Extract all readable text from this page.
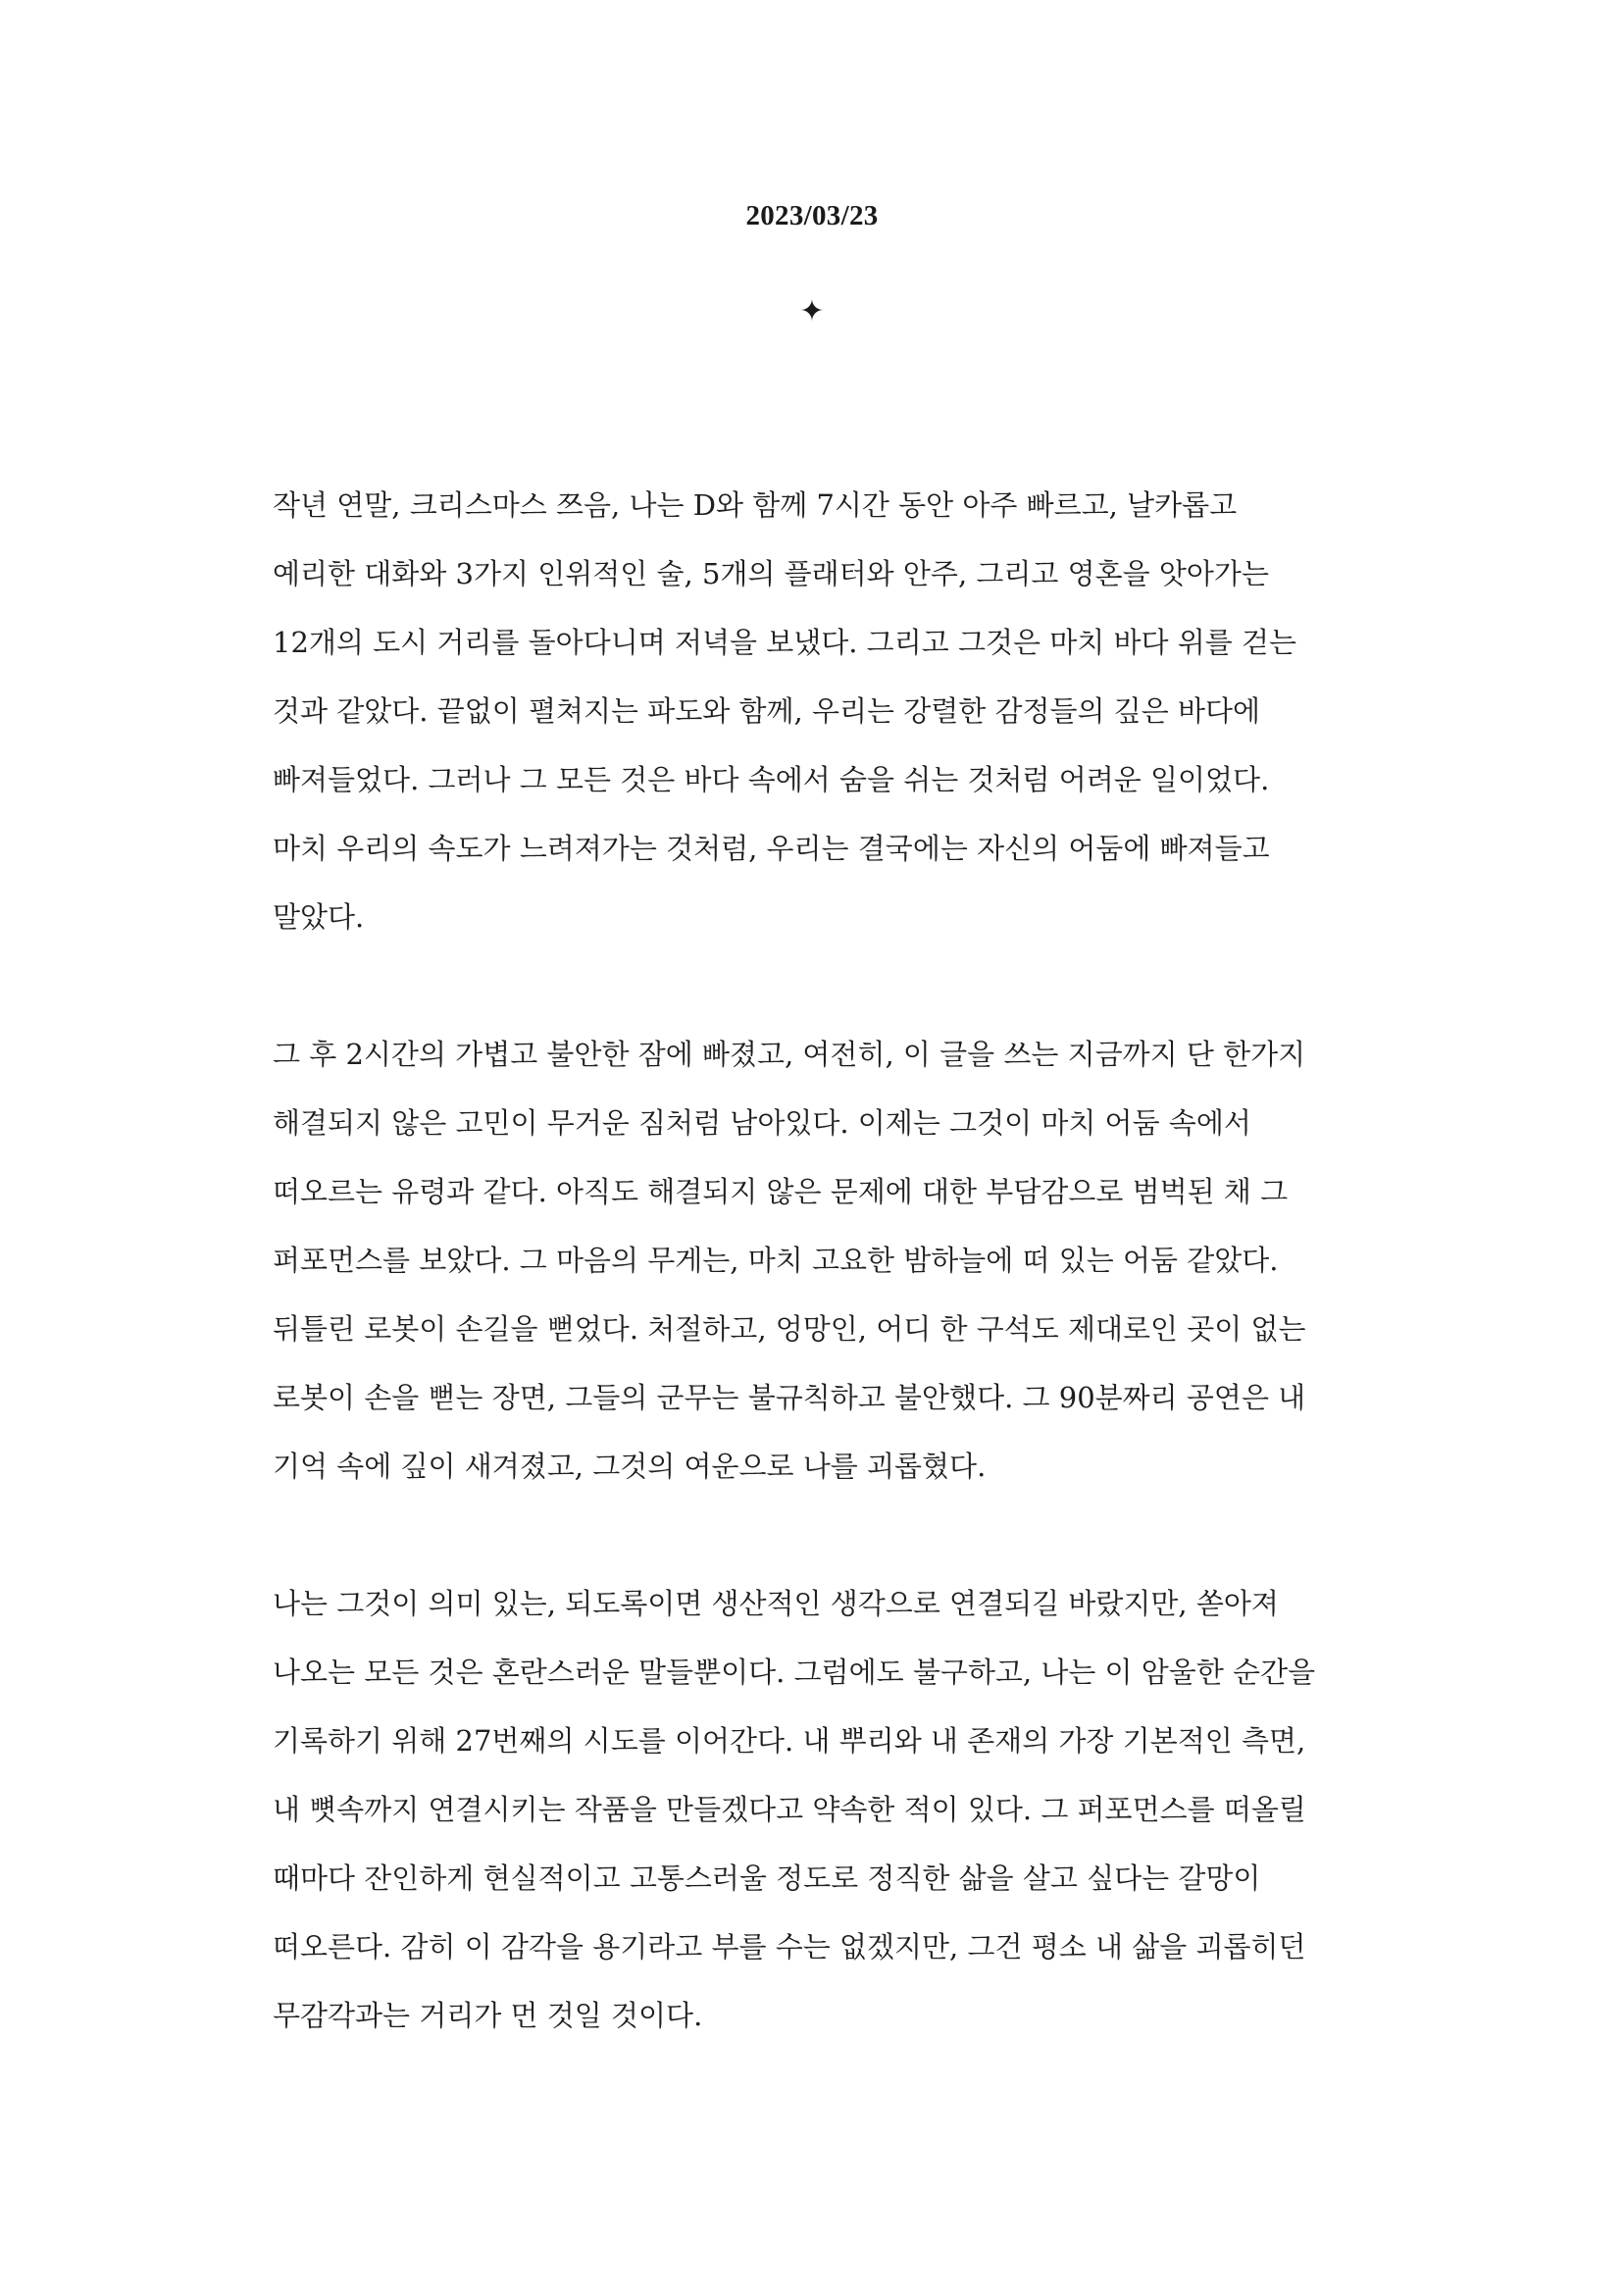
2023/03/23
✦

작년 연말, 크리스마스 쯔음, 나는 D와 함께 7시간 동안 아주 빠르고, 날카롭고
예리한 대화와 3가지 인위적인 술, 5개의 플래터와 안주, 그리고 영혼을 앗아가는
12개의 도시 거리를 돌아다니며 저녁을 보냈다. 그리고 그것은 마치 바다 위를 걷는
것과 같았다. 끝없이 펼쳐지는 파도와 함께, 우리는 강렬한 감정들의 깊은 바다에
빠져들었다. 그러나 그 모든 것은 바다 속에서 숨을 쉬는 것처럼 어려운 일이었다.
마치 우리의 속도가 느려져가는 것처럼, 우리는 결국에는 자신의 어둠에 빠져들고
말았다.

그 후 2시간의 가볍고 불안한 잠에 빠졌고, 여전히, 이 글을 쓰는 지금까지 단 한가지
해결되지 않은 고민이 무거운 짐처럼 남아있다. 이제는 그것이 마치 어둠 속에서
떠오르는 유령과 같다. 아직도 해결되지 않은 문제에 대한 부담감으로 범벅된 채 그
퍼포먼스를 보았다. 그 마음의 무게는, 마치 고요한 밤하늘에 떠 있는 어둠 같았다.
뒤틀린 로봇이 손길을 뻗었다. 처절하고, 엉망인, 어디 한 구석도 제대로인 곳이 없는
로봇이 손을 뻗는 장면, 그들의 군무는 불규칙하고 불안했다. 그 90분짜리 공연은 내
기억 속에 깊이 새겨졌고, 그것의 여운으로 나를 괴롭혔다.

나는 그것이 의미 있는, 되도록이면 생산적인 생각으로 연결되길 바랐지만, 쏟아져
나오는 모든 것은 혼란스러운 말들뿐이다. 그럼에도 불구하고, 나는 이 암울한 순간을
기록하기 위해 27번째의 시도를 이어간다. 내 뿌리와 내 존재의 가장 기본적인 측면,
내 뼛속까지 연결시키는 작품을 만들겠다고 약속한 적이 있다. 그 퍼포먼스를 떠올릴
때마다 잔인하게 현실적이고 고통스러울 정도로 정직한 삶을 살고 싶다는 갈망이
떠오른다. 감히 이 감각을 용기라고 부를 수는 없겠지만, 그건 평소 내 삶을 괴롭히던
무감각과는 거리가 먼 것일 것이다.
